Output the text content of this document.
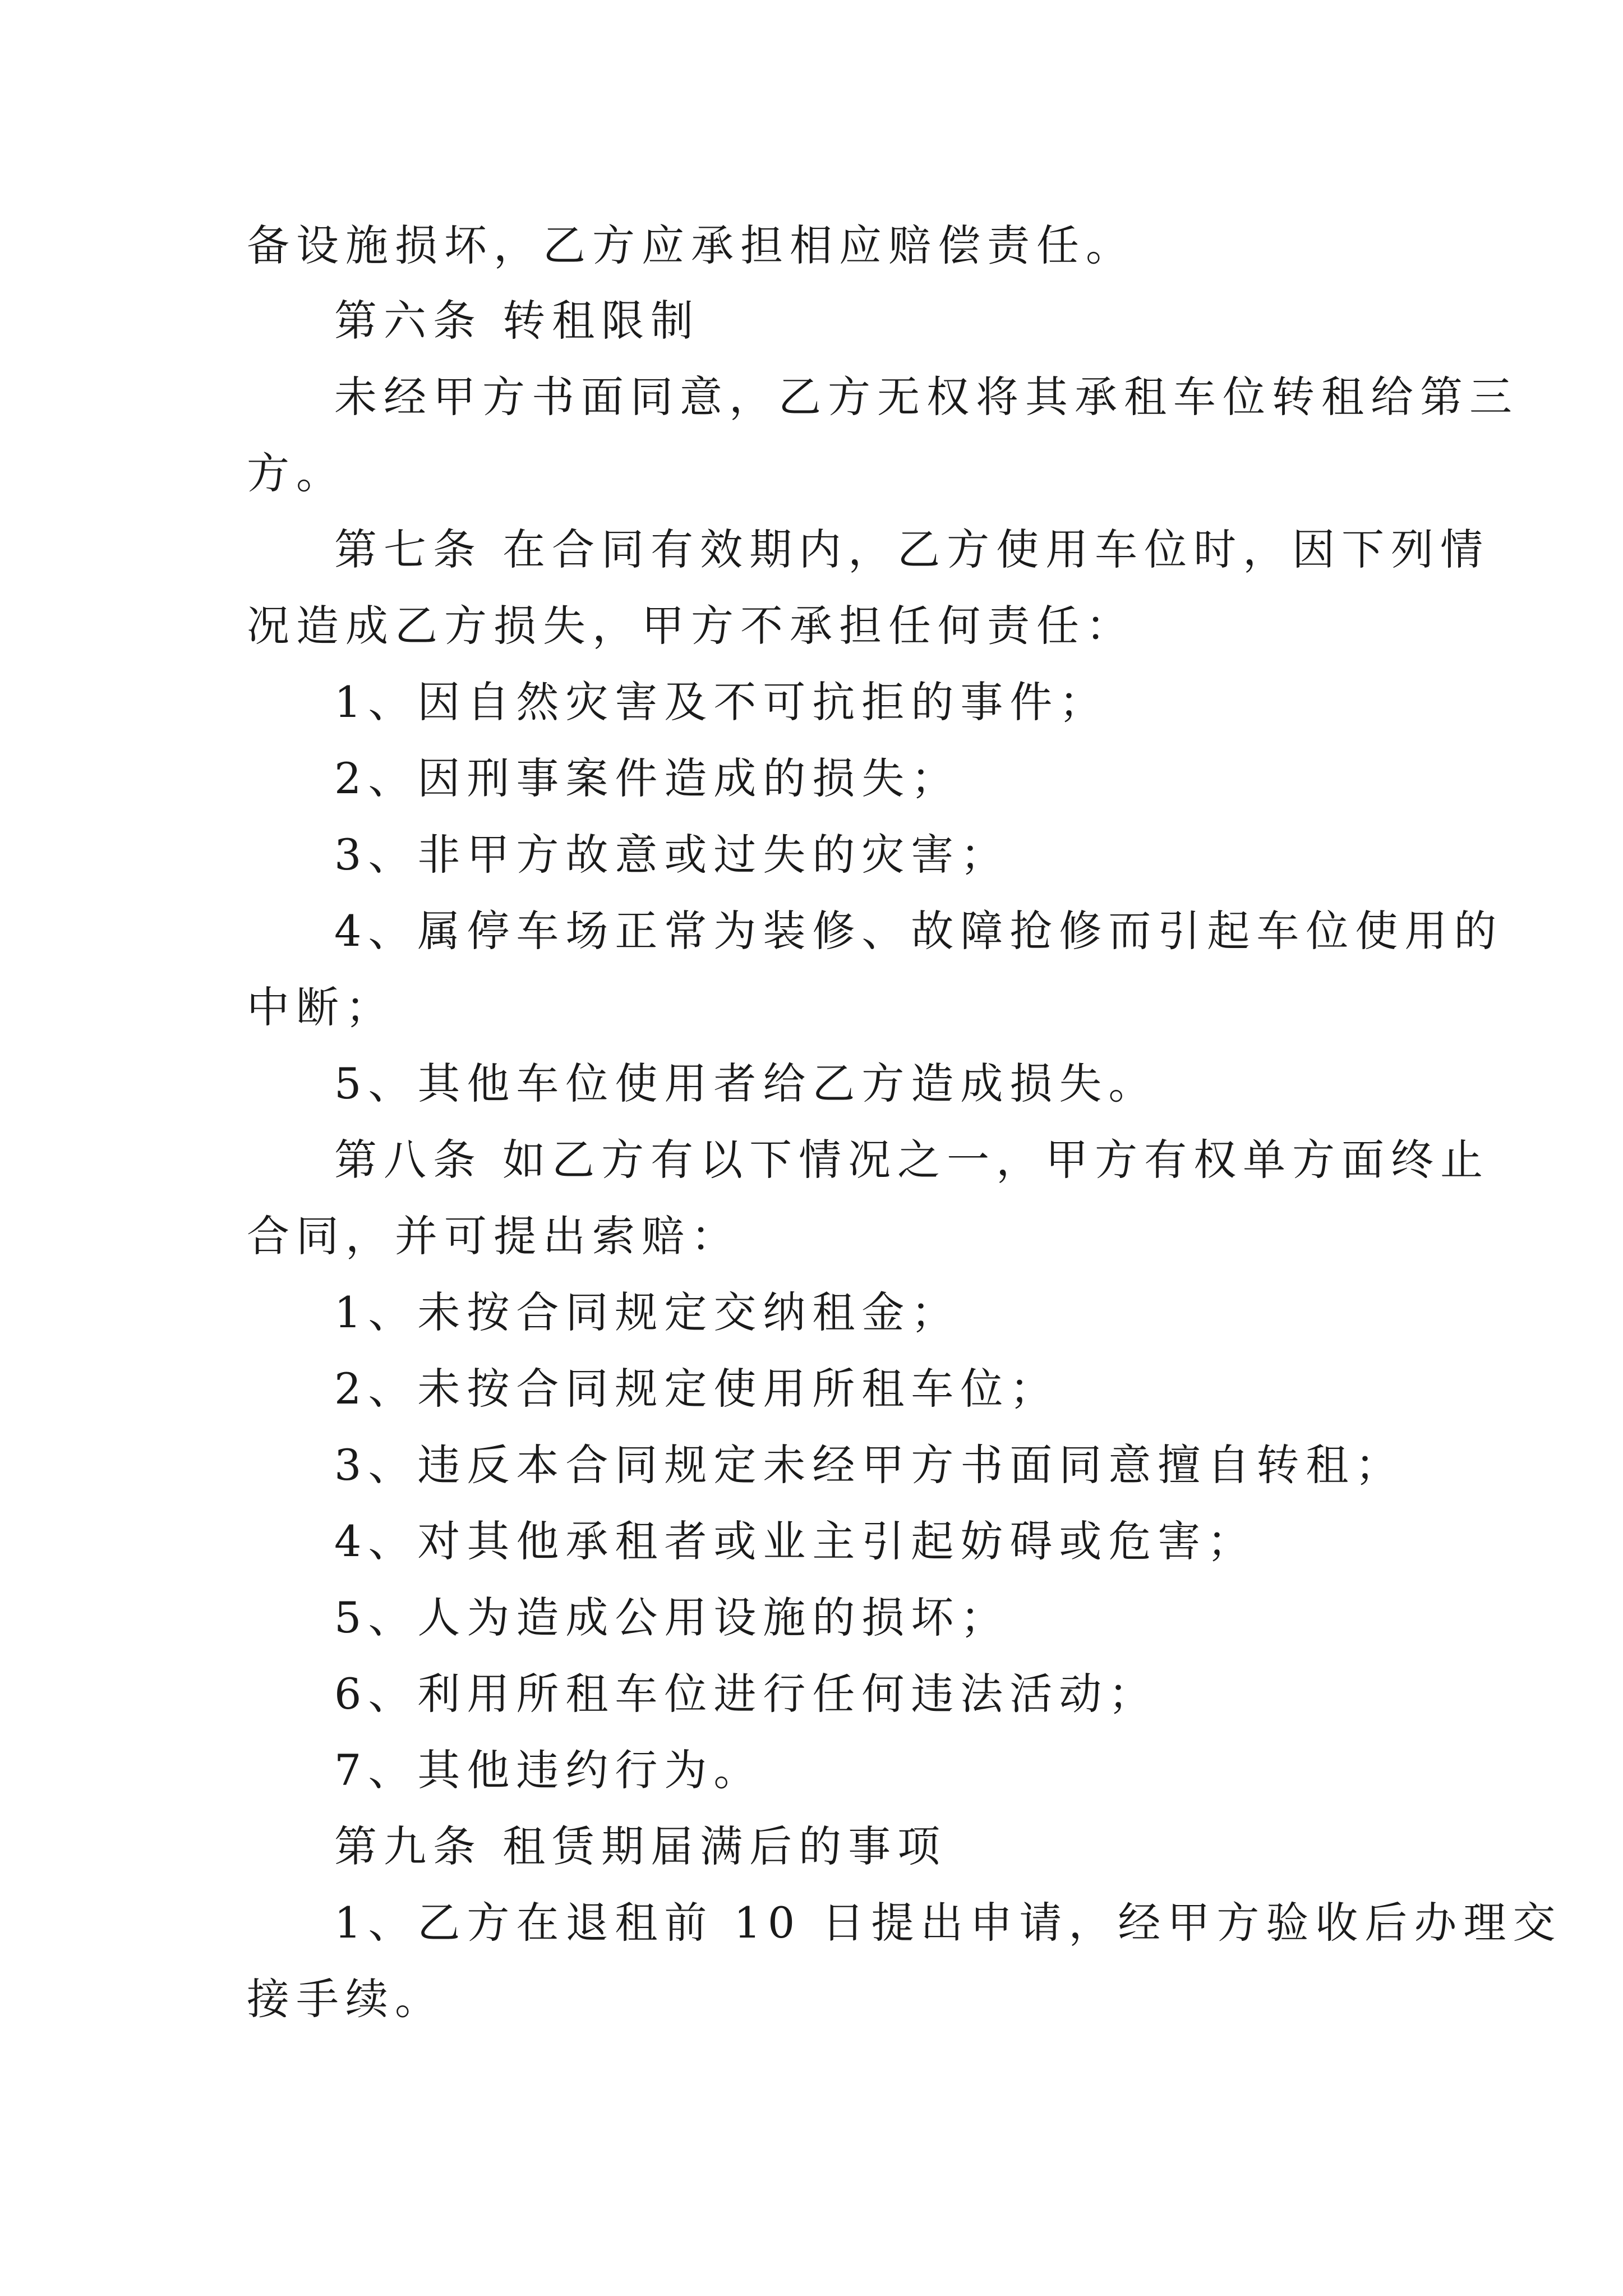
备设施损坏，乙方应承担相应赔偿责任。
第六条 转租限制
未经甲方书面同意，乙方无权将其承租车位转租给第三
方。
第七条 在合同有效期内，乙方使用车位时，因下列情
况造成乙方损失，甲方不承担任何责任：
1、因自然灾害及不可抗拒的事件；
2、因刑事案件造成的损失；
3、非甲方故意或过失的灾害；
4、属停车场正常为装修、故障抢修而引起车位使用的
中断；
5、其他车位使用者给乙方造成损失。
第八条 如乙方有以下情况之一，甲方有权单方面终止
合同，并可提出索赔：
1、未按合同规定交纳租金；
2、未按合同规定使用所租车位；
3、违反本合同规定未经甲方书面同意擅自转租；
4、对其他承租者或业主引起妨碍或危害；
5、人为造成公用设施的损坏；
6、利用所租车位进行任何违法活动；
7、其他违约行为。
第九条 租赁期届满后的事项
1、乙方在退租前 10 日提出申请，经甲方验收后办理交
接手续。
